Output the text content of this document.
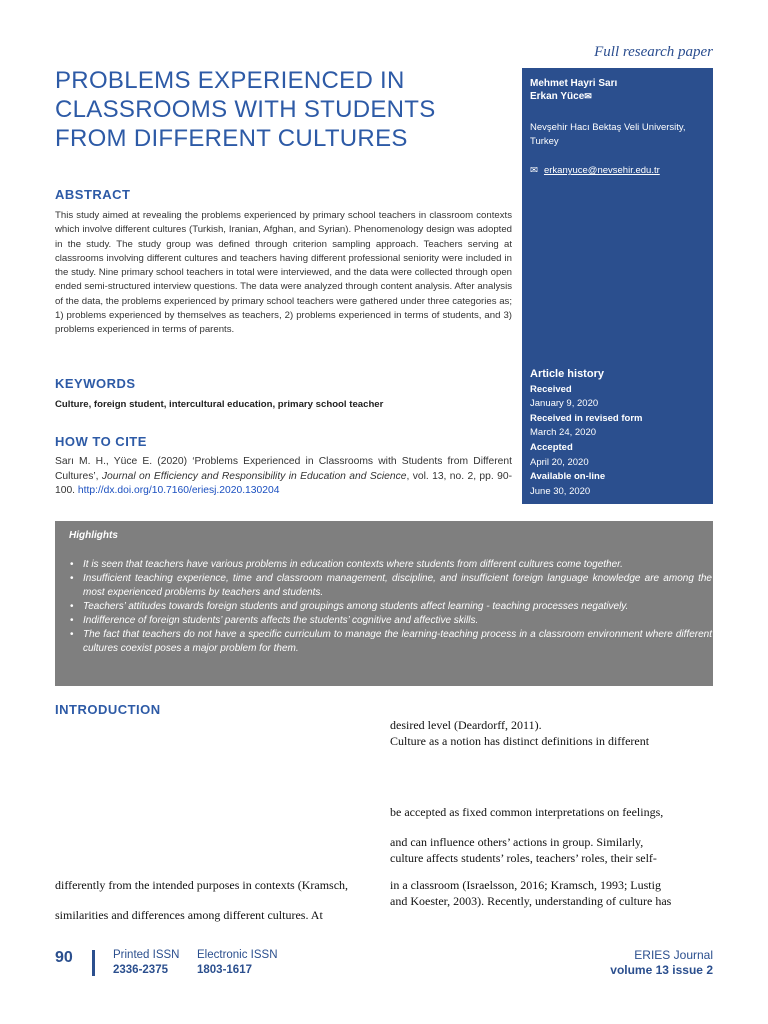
Full research paper
PROBLEMS EXPERIENCED IN CLASSROOMS WITH STUDENTS FROM DIFFERENT CULTURES
Mehmet Hayri Sarı
Erkan Yüce✉
Nevşehir Hacı Bektaş Veli University, Turkey
✉ erkanyuce@nevsehir.edu.tr
Article history
Received
January 9, 2020
Received in revised form
March 24, 2020
Accepted
April 20, 2020
Available on-line
June 30, 2020
ABSTRACT
This study aimed at revealing the problems experienced by primary school teachers in classroom contexts which involve different cultures (Turkish, Iranian, Afghan, and Syrian). Phenomenology design was adopted in the study. The study group was defined through criterion sampling approach. Teachers serving at classrooms involving different cultures and teachers having different professional seniority were included in the study. Nine primary school teachers in total were interviewed, and the data were collected through open ended semi-structured interview questions. The data were analyzed through content analysis. After analysis of the data, the problems experienced by primary school teachers were gathered under three categories as; 1) problems experienced by themselves as teachers, 2) problems experienced in terms of students, and 3) problems experienced in terms of parents.
KEYWORDS
Culture, foreign student, intercultural education, primary school teacher
HOW TO CITE
Sarı M. H., Yüce E. (2020) ‘Problems Experienced in Classrooms with Students from Different Cultures’, Journal on Efficiency and Responsibility in Education and Science, vol. 13, no. 2, pp. 90-100. http://dx.doi.org/10.7160/eriesj.2020.130204
Highlights
• It is seen that teachers have various problems in education contexts where students from different cultures come together.
• Insufficient teaching experience, time and classroom management, discipline, and insufficient foreign language knowledge are among the most experienced problems by teachers and students.
• Teachers’ attitudes towards foreign students and groupings among students affect learning - teaching processes negatively.
• Indifference of foreign students’ parents affects the students’ cognitive and affective skills.
• The fact that teachers do not have a specific curriculum to manage the learning-teaching process in a classroom environment where different cultures coexist poses a major problem for them.
INTRODUCTION
desired level (Deardorff, 2011).
Culture as a notion has distinct definitions in different
be accepted as fixed common interpretations on feelings,
and can influence others’ actions in group. Similarly,
culture affects students’ roles, teachers’ roles, their self-
in a classroom (Israelsson, 2016; Kramsch, 1993; Lustig
and Koester, 2003). Recently, understanding of culture has
differently from the intended purposes in contexts (Kramsch,
similarities and differences among different cultures. At
90	Printed ISSN
2336-2375
Electronic ISSN
1803-1617
ERIES Journal
volume 13 issue 2
